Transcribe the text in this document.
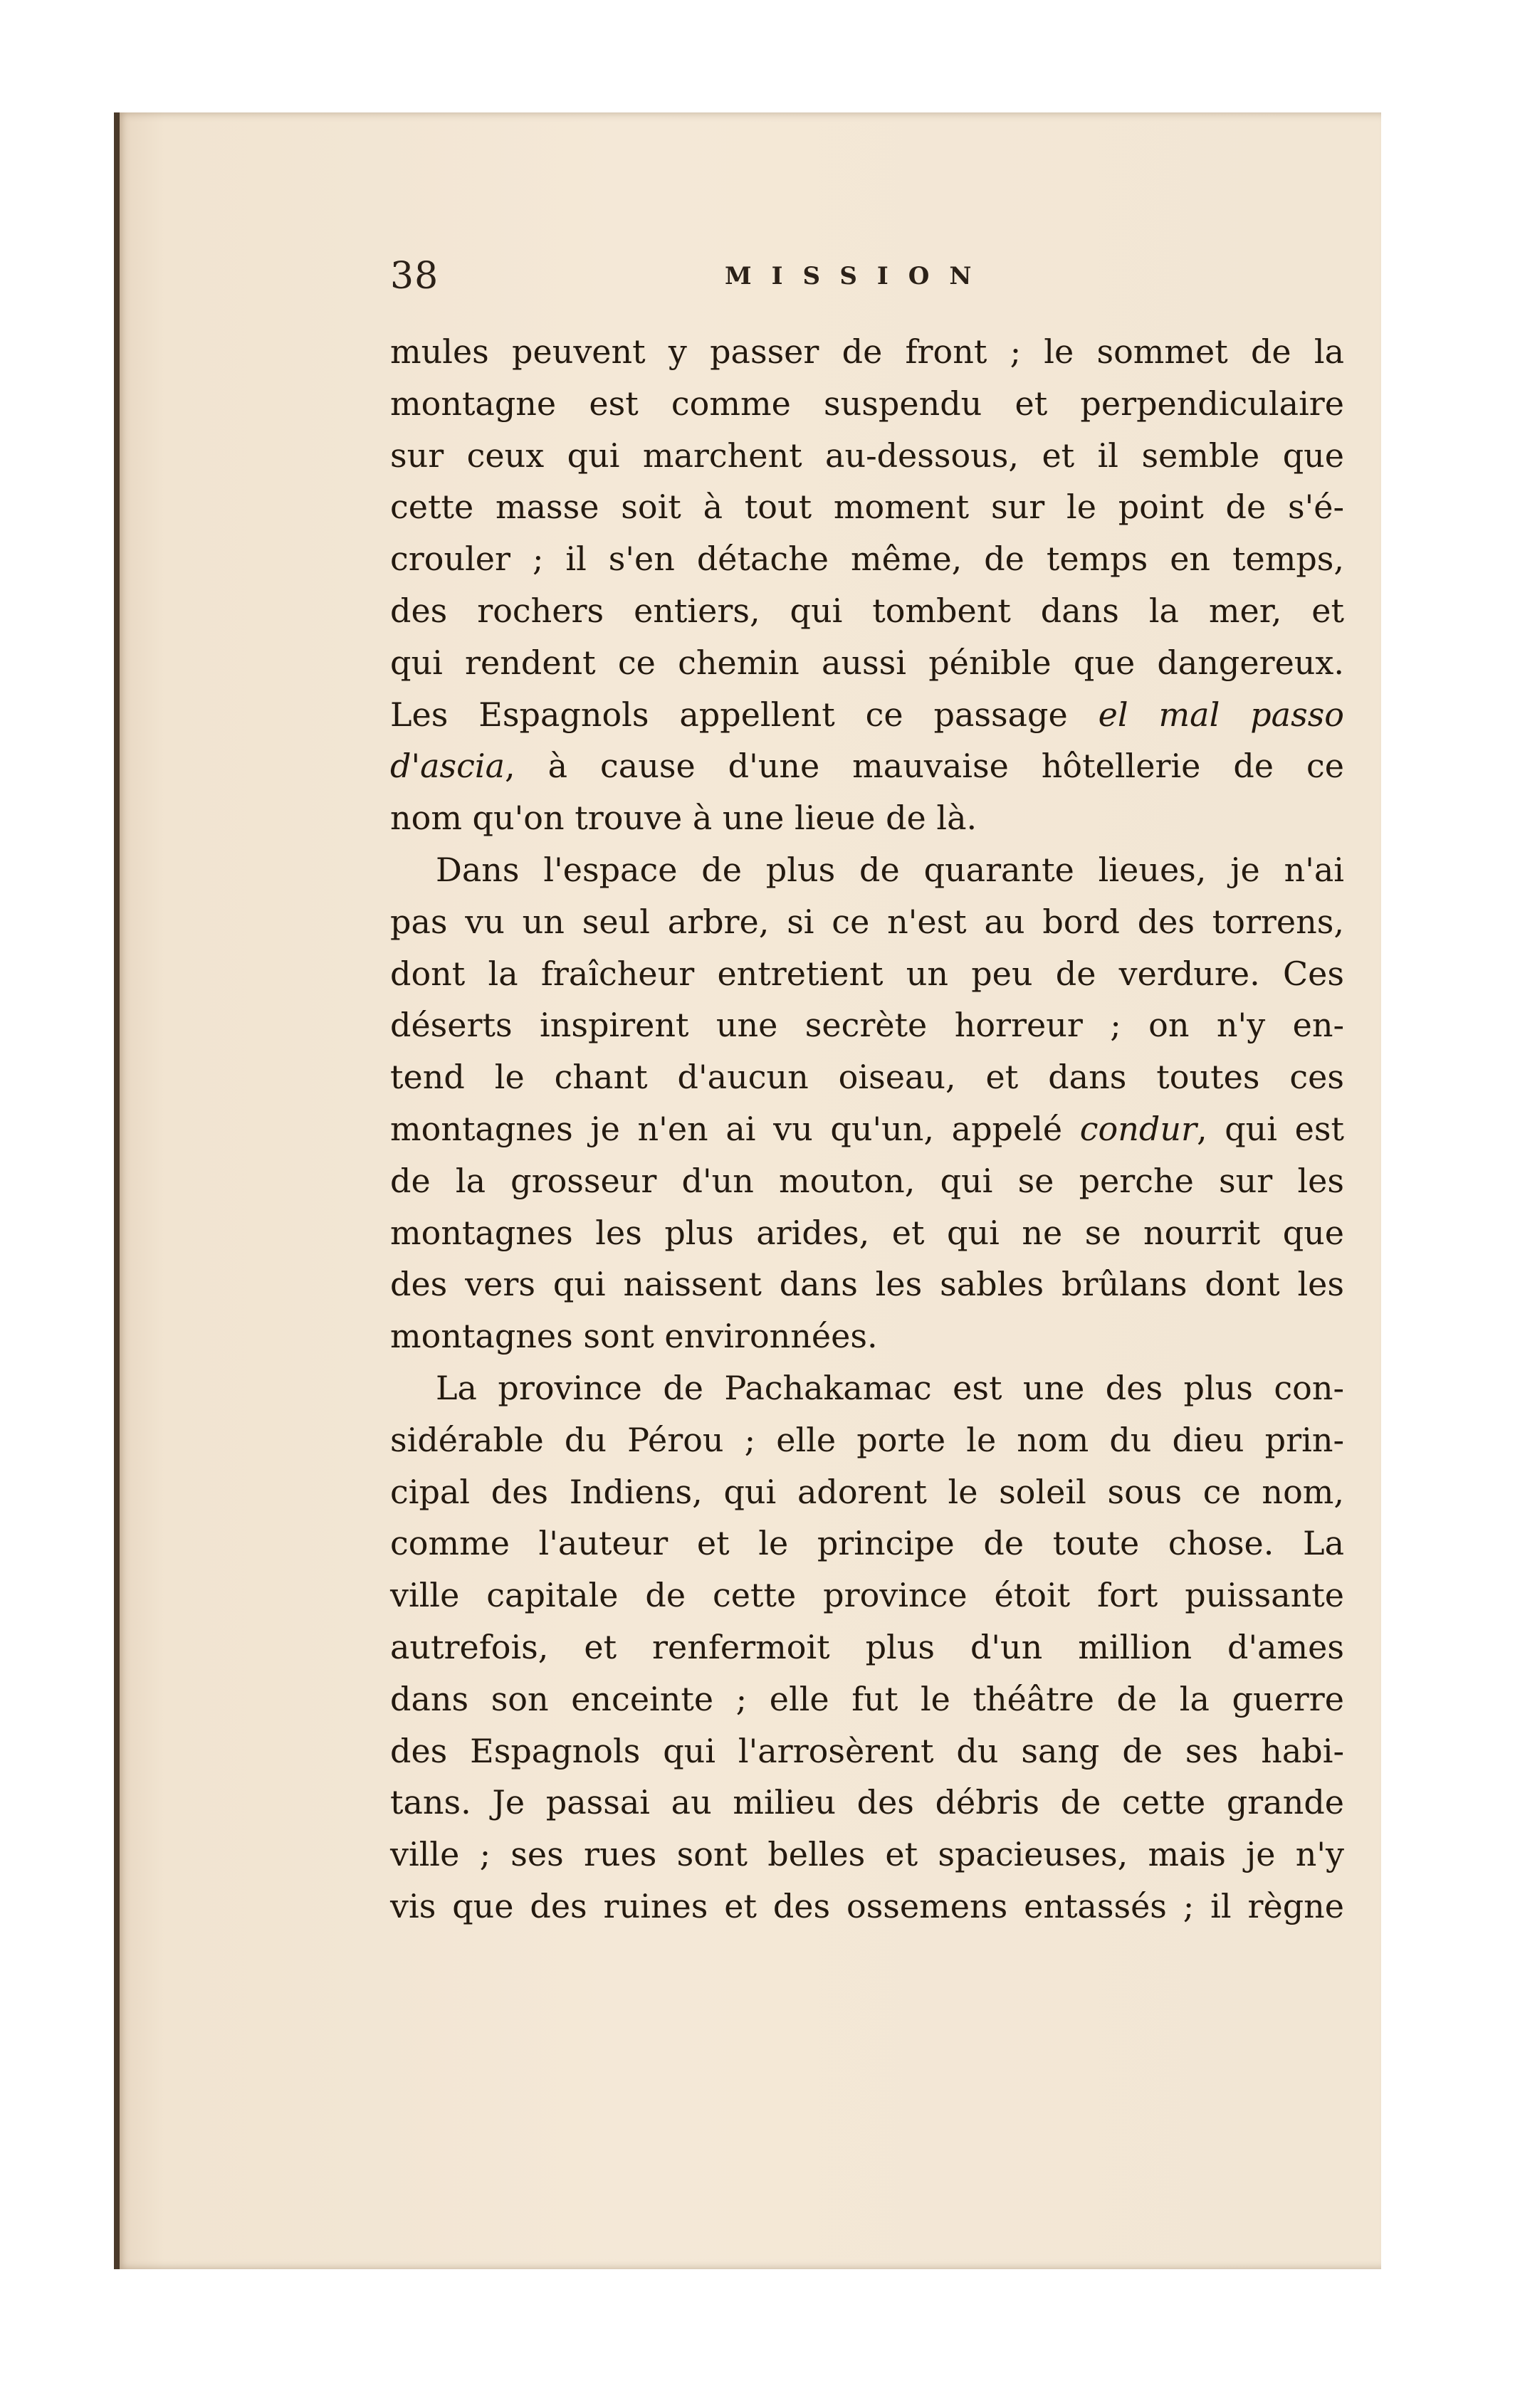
38	MISSION
mules peuvent y passer de front ; le sommet de la
montagne est comme suspendu et perpendiculaire
sur ceux qui marchent au-dessous, et il semble que
cette masse soit à tout moment sur le point de s'é-
crouler ; il s'en détache même, de temps en temps,
des rochers entiers, qui tombent dans la mer, et
qui rendent ce chemin aussi pénible que dangereux.
Les Espagnols appellent ce passage el mal passo
d'ascia, à cause d'une mauvaise hôtellerie de ce
nom qu'on trouve à une lieue de là.
Dans l'espace de plus de quarante lieues, je n'ai
pas vu un seul arbre, si ce n'est au bord des torrens,
dont la fraîcheur entretient un peu de verdure. Ces
déserts inspirent une secrète horreur ; on n'y en-
tend le chant d'aucun oiseau, et dans toutes ces
montagnes je n'en ai vu qu'un, appelé condur, qui est
de la grosseur d'un mouton, qui se perche sur les
montagnes les plus arides, et qui ne se nourrit que
des vers qui naissent dans les sables brûlans dont les
montagnes sont environnées.
La province de Pachakamac est une des plus con-
sidérable du Pérou ; elle porte le nom du dieu prin-
cipal des Indiens, qui adorent le soleil sous ce nom,
comme l'auteur et le principe de toute chose. La
ville capitale de cette province étoit fort puissante
autrefois, et renfermoit plus d'un million d'ames
dans son enceinte ; elle fut le théâtre de la guerre
des Espagnols qui l'arrosèrent du sang de ses habi-
tans. Je passai au milieu des débris de cette grande
ville ; ses rues sont belles et spacieuses, mais je n'y
vis que des ruines et des ossemens entassés ; il règne
